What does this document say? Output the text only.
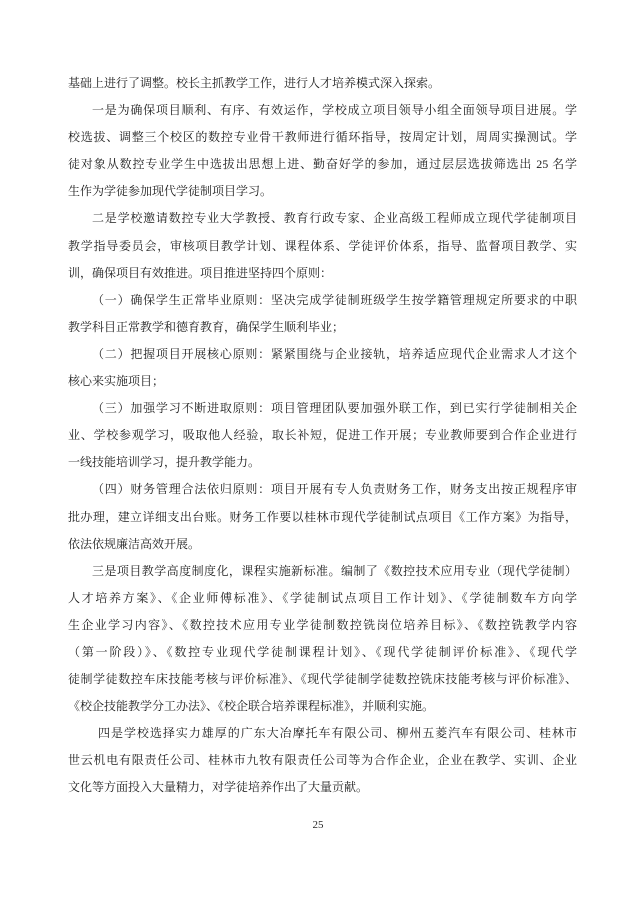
基础上进行了调整。校长主抓教学工作，进行人才培养模式深入探索。
一是为确保项目顺利、有序、有效运作，学校成立项目领导小组全面领导项目进展。学
校选拔、调整三个校区的数控专业骨干教师进行循环指导，按周定计划，周周实操测试。学
徒对象从数控专业学生中选拔出思想上进、勤奋好学的参加，通过层层选拔筛选出 25 名学
生作为学徒参加现代学徒制项目学习。
二是学校邀请数控专业大学教授、教育行政专家、企业高级工程师成立现代学徒制项目
教学指导委员会，审核项目教学计划、课程体系、学徒评价体系，指导、监督项目教学、实
训，确保项目有效推进。项目推进坚持四个原则：
（一）确保学生正常毕业原则：坚决完成学徒制班级学生按学籍管理规定所要求的中职
教学科目正常教学和德育教育，确保学生顺利毕业；
（二）把握项目开展核心原则：紧紧围绕与企业接轨，培养适应现代企业需求人才这个
核心来实施项目；
（三）加强学习不断进取原则：项目管理团队要加强外联工作，到已实行学徒制相关企
业、学校参观学习，吸取他人经验，取长补短，促进工作开展；专业教师要到合作企业进行
一线技能培训学习，提升教学能力。
（四）财务管理合法依归原则：项目开展有专人负责财务工作，财务支出按正规程序审
批办理，建立详细支出台账。财务工作要以桂林市现代学徒制试点项目《工作方案》为指导，
依法依规廉洁高效开展。
三是项目教学高度制度化，课程实施新标准。编制了《数控技术应用专业（现代学徒制）
人才培养方案》、《企业师傅标准》、《学徒制试点项目工作计划》、《学徒制数车方向学
生企业学习内容》、《数控技术应用专业学徒制数控铣岗位培养目标》、《数控铣教学内容
（第一阶段）》、《数控专业现代学徒制课程计划》、《现代学徒制评价标准》、《现代学
徒制学徒数控车床技能考核与评价标准》、《现代学徒制学徒数控铣床技能考核与评价标准》、
《校企技能教学分工办法》、《校企联合培养课程标准》，并顺利实施。
四是学校选择实力雄厚的广东大冶摩托车有限公司、柳州五菱汽车有限公司、桂林市
世云机电有限责任公司、桂林市九牧有限责任公司等为合作企业，企业在教学、实训、企业
文化等方面投入大量精力，对学徒培养作出了大量贡献。
25
